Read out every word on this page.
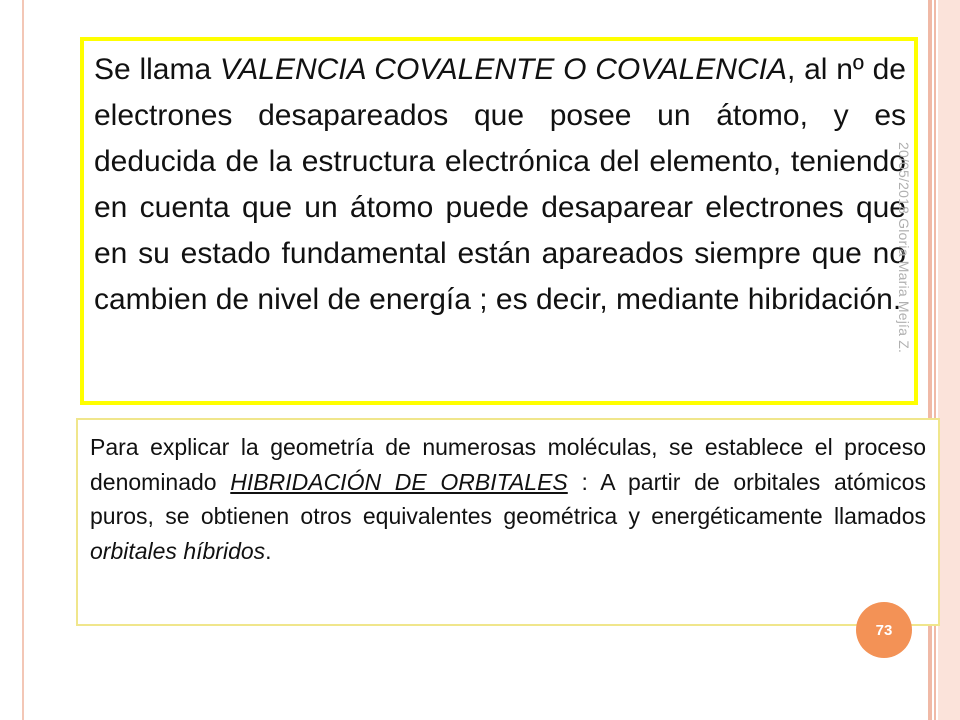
Se llama VALENCIA COVALENTE O COVALENCIA, al nº de electrones desapareados que posee un átomo, y es deducida de la estructura electrónica del elemento, teniendo en cuenta que un átomo puede desaparear electrones que en su estado fundamental están apareados siempre que no cambien de nivel de energía ; es decir, mediante hibridación.

20/05/2018 Gloria Maria Mejía Z.

Para explicar la geometría de numerosas moléculas, se establece el proceso denominado HIBRIDACIÓN DE ORBITALES : A partir de orbitales atómicos puros, se obtienen otros equivalentes geométrica y energéticamente llamados orbitales híbridos.

73
